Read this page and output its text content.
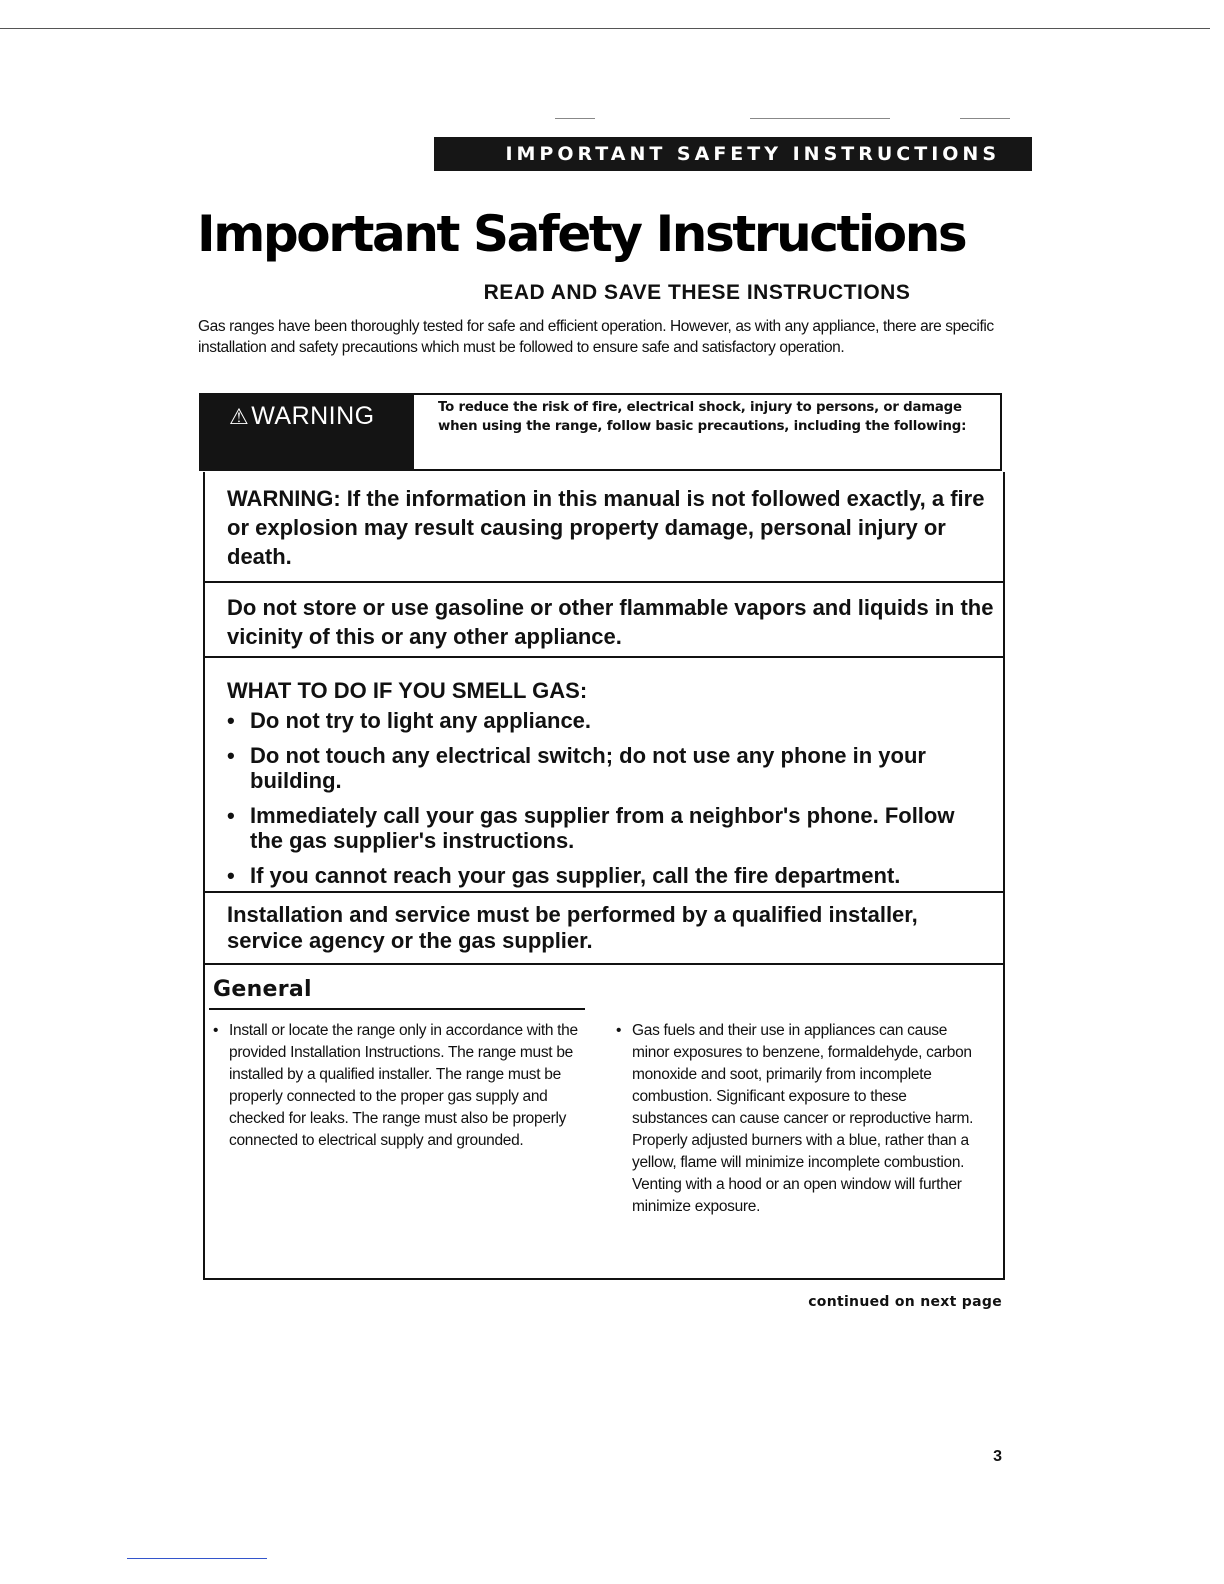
IMPORTANT SAFETY INSTRUCTIONS
Important Safety Instructions
READ AND SAVE THESE INSTRUCTIONS

Gas ranges have been thoroughly tested for safe and efficient operation. However, as with any appliance, there are specific installation and safety precautions which must be followed to ensure safe and satisfactory operation.

⚠WARNING	To reduce the risk of fire, electrical shock, injury to persons, or damage when using the range, follow basic precautions, including the following:

WARNING: If the information in this manual is not followed exactly, a fire or explosion may result causing property damage, personal injury or death.

Do not store or use gasoline or other flammable vapors and liquids in the vicinity of this or any other appliance.

WHAT TO DO IF YOU SMELL GAS:

• Do not try to light any appliance.
• Do not touch any electrical switch; do not use any phone in your building.
• Immediately call your gas supplier from a neighbor's phone. Follow the gas supplier's instructions.
• If you cannot reach your gas supplier, call the fire department.

Installation and service must be performed by a qualified installer, service agency or the gas supplier.

General

• Install or locate the range only in accordance with the provided Installation Instructions. The range must be installed by a qualified installer. The range must be properly connected to the proper gas supply and checked for leaks. The range must also be properly connected to electrical supply and grounded.

• Gas fuels and their use in appliances can cause minor exposures to benzene, formaldehyde, carbon monoxide and soot, primarily from incomplete combustion. Significant exposure to these substances can cause cancer or reproductive harm. Properly adjusted burners with a blue, rather than a yellow, flame will minimize incomplete combustion. Venting with a hood or an open window will further minimize exposure.

continued on next page

3
